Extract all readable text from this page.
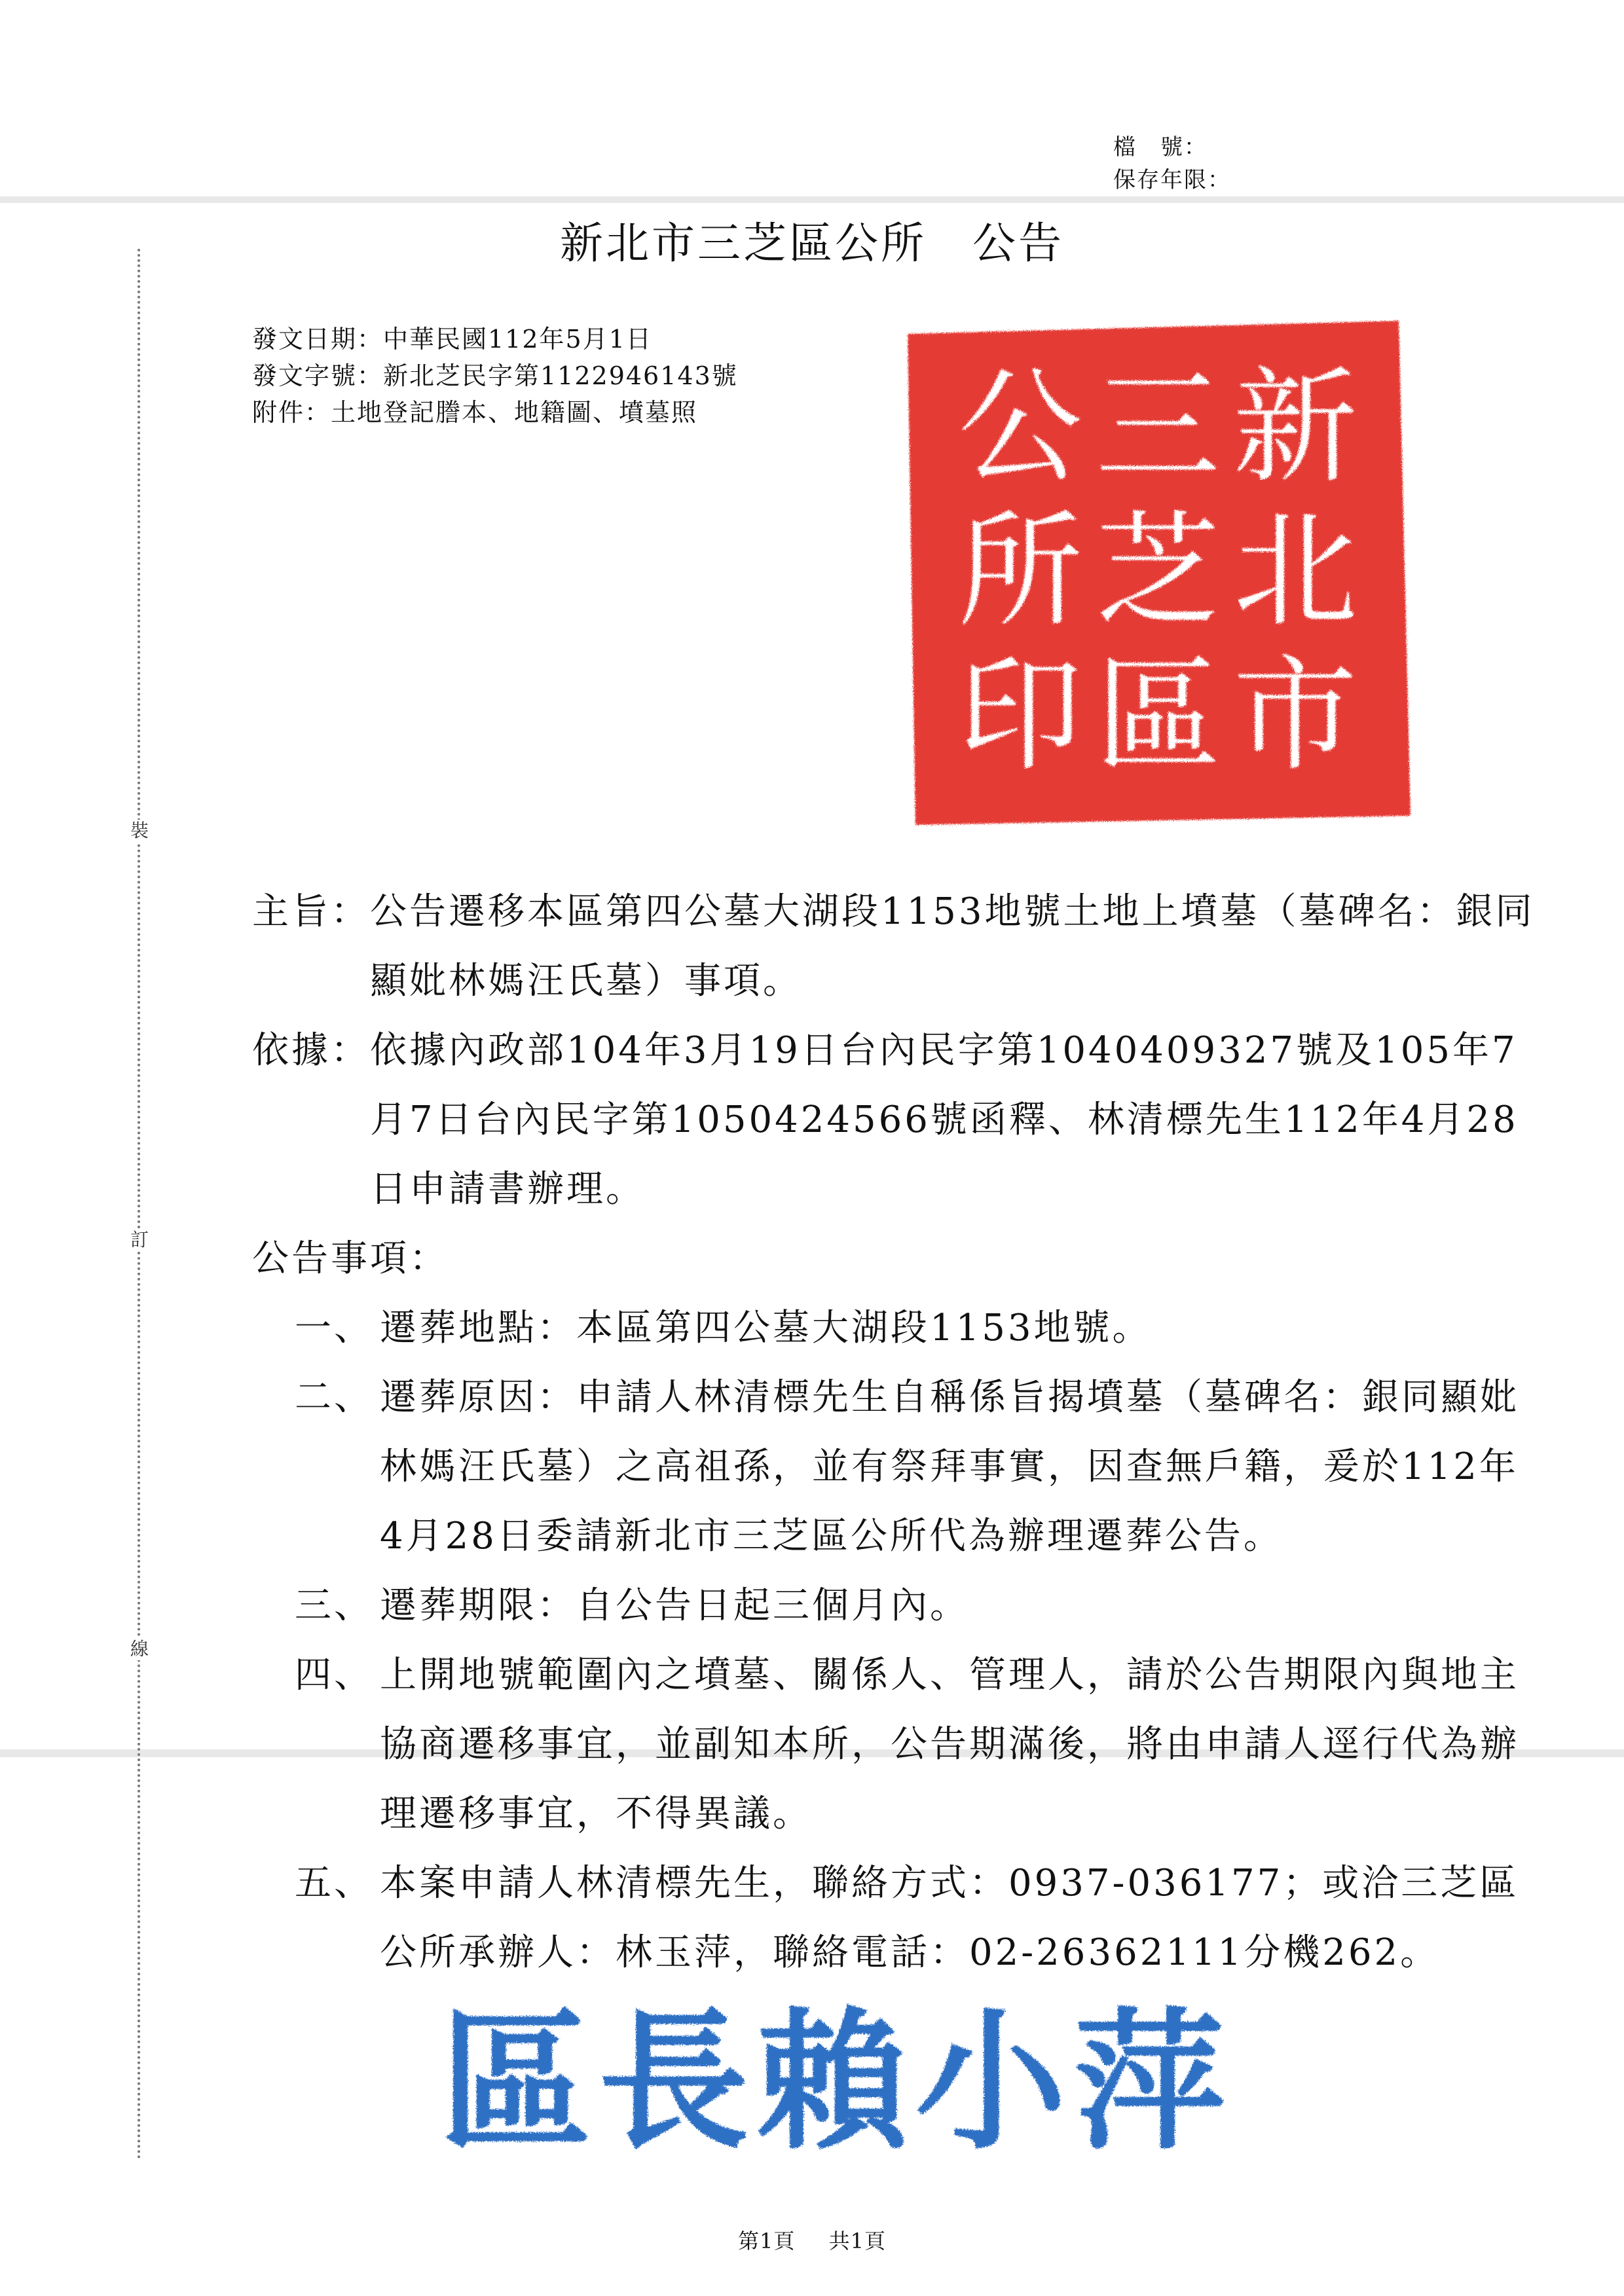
檔　號：
保存年限：
裝
訂
線
新北市三芝區公所　公告
發文日期：中華民國112年5月1日
發文字號：新北芝民字第1122946143號
附件：土地登記謄本、地籍圖、墳墓照	新
北
市
三
芝
區
公
所
印
主旨： 公告遷移本區第四公墓大湖段1153地號土地上墳墓（墓碑名：銀同顯妣林媽汪氏墓）事項。
依據： 依據內政部104年3月19日台內民字第1040409327號及105年7月7日台內民字第1050424566號函釋、林清標先生112年4月28日申請書辦理。
公告事項：
一、 遷葬地點：本區第四公墓大湖段1153地號。
二、 遷葬原因：申請人林清標先生自稱係旨揭墳墓（墓碑名：銀同顯妣林媽汪氏墓）之高祖孫，並有祭拜事實，因查無戶籍，爰於112年4月28日委請新北市三芝區公所代為辦理遷葬公告。
三、 遷葬期限：自公告日起三個月內。
四、 上開地號範圍內之墳墓、關係人、管理人，請於公告期限內與地主協商遷移事宜，並副知本所，公告期滿後，將由申請人逕行代為辦理遷移事宜，不得異議。
五、 本案申請人林清標先生，聯絡方式：0937-036177；或洽三芝區公所承辦人：林玉萍，聯絡電話：02-26362111分機262。
區長賴小萍
第1頁 共1頁
